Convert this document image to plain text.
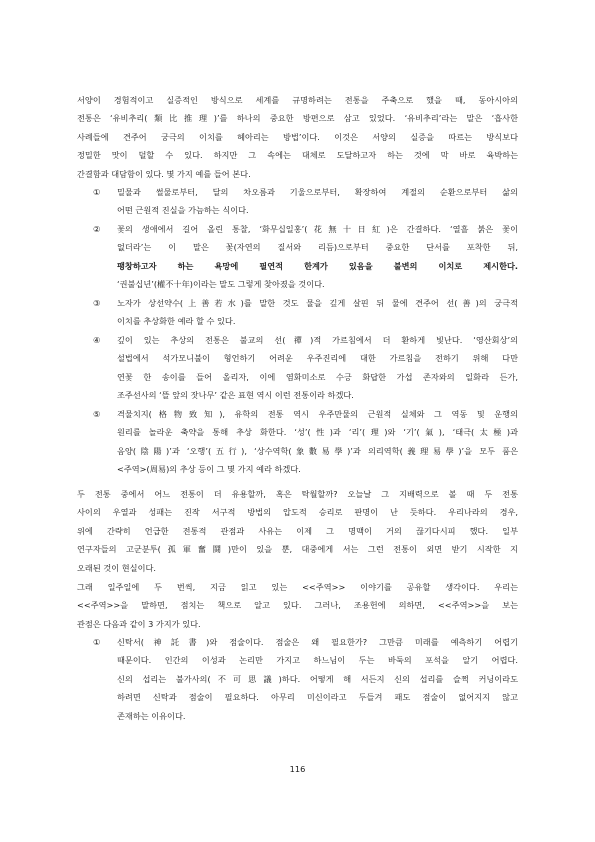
서양이 경험적이고 실증적인 방식으로 세계를 규명하려는 전통을 주축으로 했을 때, 동아시아의
전통은 ‘유비추리(類比推理)’를 하나의 중요한 방편으로 삼고 있었다. ‘유비추리’라는 말은 ‘흡사한
사례들에 견주어 궁극의 이치를 헤아리는 방법’이다. 이것은 서양의 실증을 따르는 방식보다
정밀한 맛이 덜할 수 있다. 하지만 그 속에는 대체로 도달하고자 하는 것에 막 바로 육박하는
간결함과 대담함이 있다. 몇 가지 예를 들어 본다.
①	밀물과 썰물로부터, 달의 차오름과 기울으로부터, 확장하여 계절의 순환으로부터 삶의
어떤 근원적 진실을 가늠하는 식이다.
②	꽃의 생애에서 길어 올린 통찰, ‘화무십일홍’(花無十日紅)은 간결하다. ‘열흘 붉은 꽃이
없더라’는 이 말은 꽃(자연의 질서와 리듬)으로부터 중요한 단서를 포착한 뒤,
팽창하고자 하는 욕망에 필연적 한계가 있음을 불변의 이치로 제시한다.
‘권불십년’(權不十年)이라는 말도 그렇게 찾아졌을 것이다.
③	노자가 상선약수(上善若水)를 말한 것도 물을 깊게 살핀 뒤 물에 견주어 선(善)의 궁극적
이치를 추상화한 예라 할 수 있다.
④	깊이 있는 추상의 전통은 불교의 선(禪)적 가르침에서 더 환하게 빛난다. ‘영산회상’의
설법에서 석가모니불이 형언하기 어려운 우주진리에 대한 가르침을 전하기 위해 다만
연꽃 한 송이를 들어 올리자, 이에 염화미소로 수긍 화답한 가섭 존자와의 일화라 든가,
조주선사의 ‘뜰 앞의 잣나무’ 같은 표현 역시 이런 전통이라 하겠다.
⑤	격물치지(格物致知), 유학의 전통 역시 우주만물의 근원적 실체와 그 역동 및 운행의
원리를 놀라운 축약을 통해 추상 화한다. ‘성’(性)과 ‘리’(理)와 ‘기’(氣), ‘태극(太極)과
음양(陰陽)’과 ‘오행’(五行), ‘상수역학(象數易學)’과 의리역학(義理易學)’을 모두 품은
<주역>(周易)의 추상 등이 그 몇 가지 예라 하겠다.
두 전통 중에서 어느 전통이 더 유용할까, 혹은 탁월할까? 오늘날 그 지배력으로 볼 때 두 전통
사이의 우열과 성패는 진작 서구적 방법의 압도적 승리로 판명이 난 듯하다. 우리나라의 경우,
위에 간략히 언급한 전통적 관점과 사유는 이제 그 명맥이 거의 끊기다시피 했다. 일부
연구자들의 고군분투(孤軍奮鬪)만이 있을 뿐, 대중에게 서는 그런 전통이 외면 받기 시작한 지
오래된 것이 현실이다.
그래 일주일에 두 번씩, 지금 읽고 있는 <<주역>> 이야기를 공유할 생각이다. 우리는
<<주역>>을 말하면, 점치는 책으로 알고 있다. 그러나, 조용헌에 의하면, <<주역>>을 보는
관점은 다음과 같이 3 가지가 있다.
①	신탁서(神託書)와 점술이다. 점술은 왜 필요한가? 그만큼 미래를 예측하기 어렵기
때문이다. 인간의 이성과 논리만 가지고 하느님이 두는 바둑의 포석을 알기 어렵다.
신의 섭리는 불가사의(不可思議)하다. 어떻게 해 서든지 신의 섭리를 슬쩍 커닝이라도
하려면 신탁과 점술이 필요하다. 아무리 미신이라고 두들겨 패도 점술이 없어지지 않고
존재하는 이유이다.
116
